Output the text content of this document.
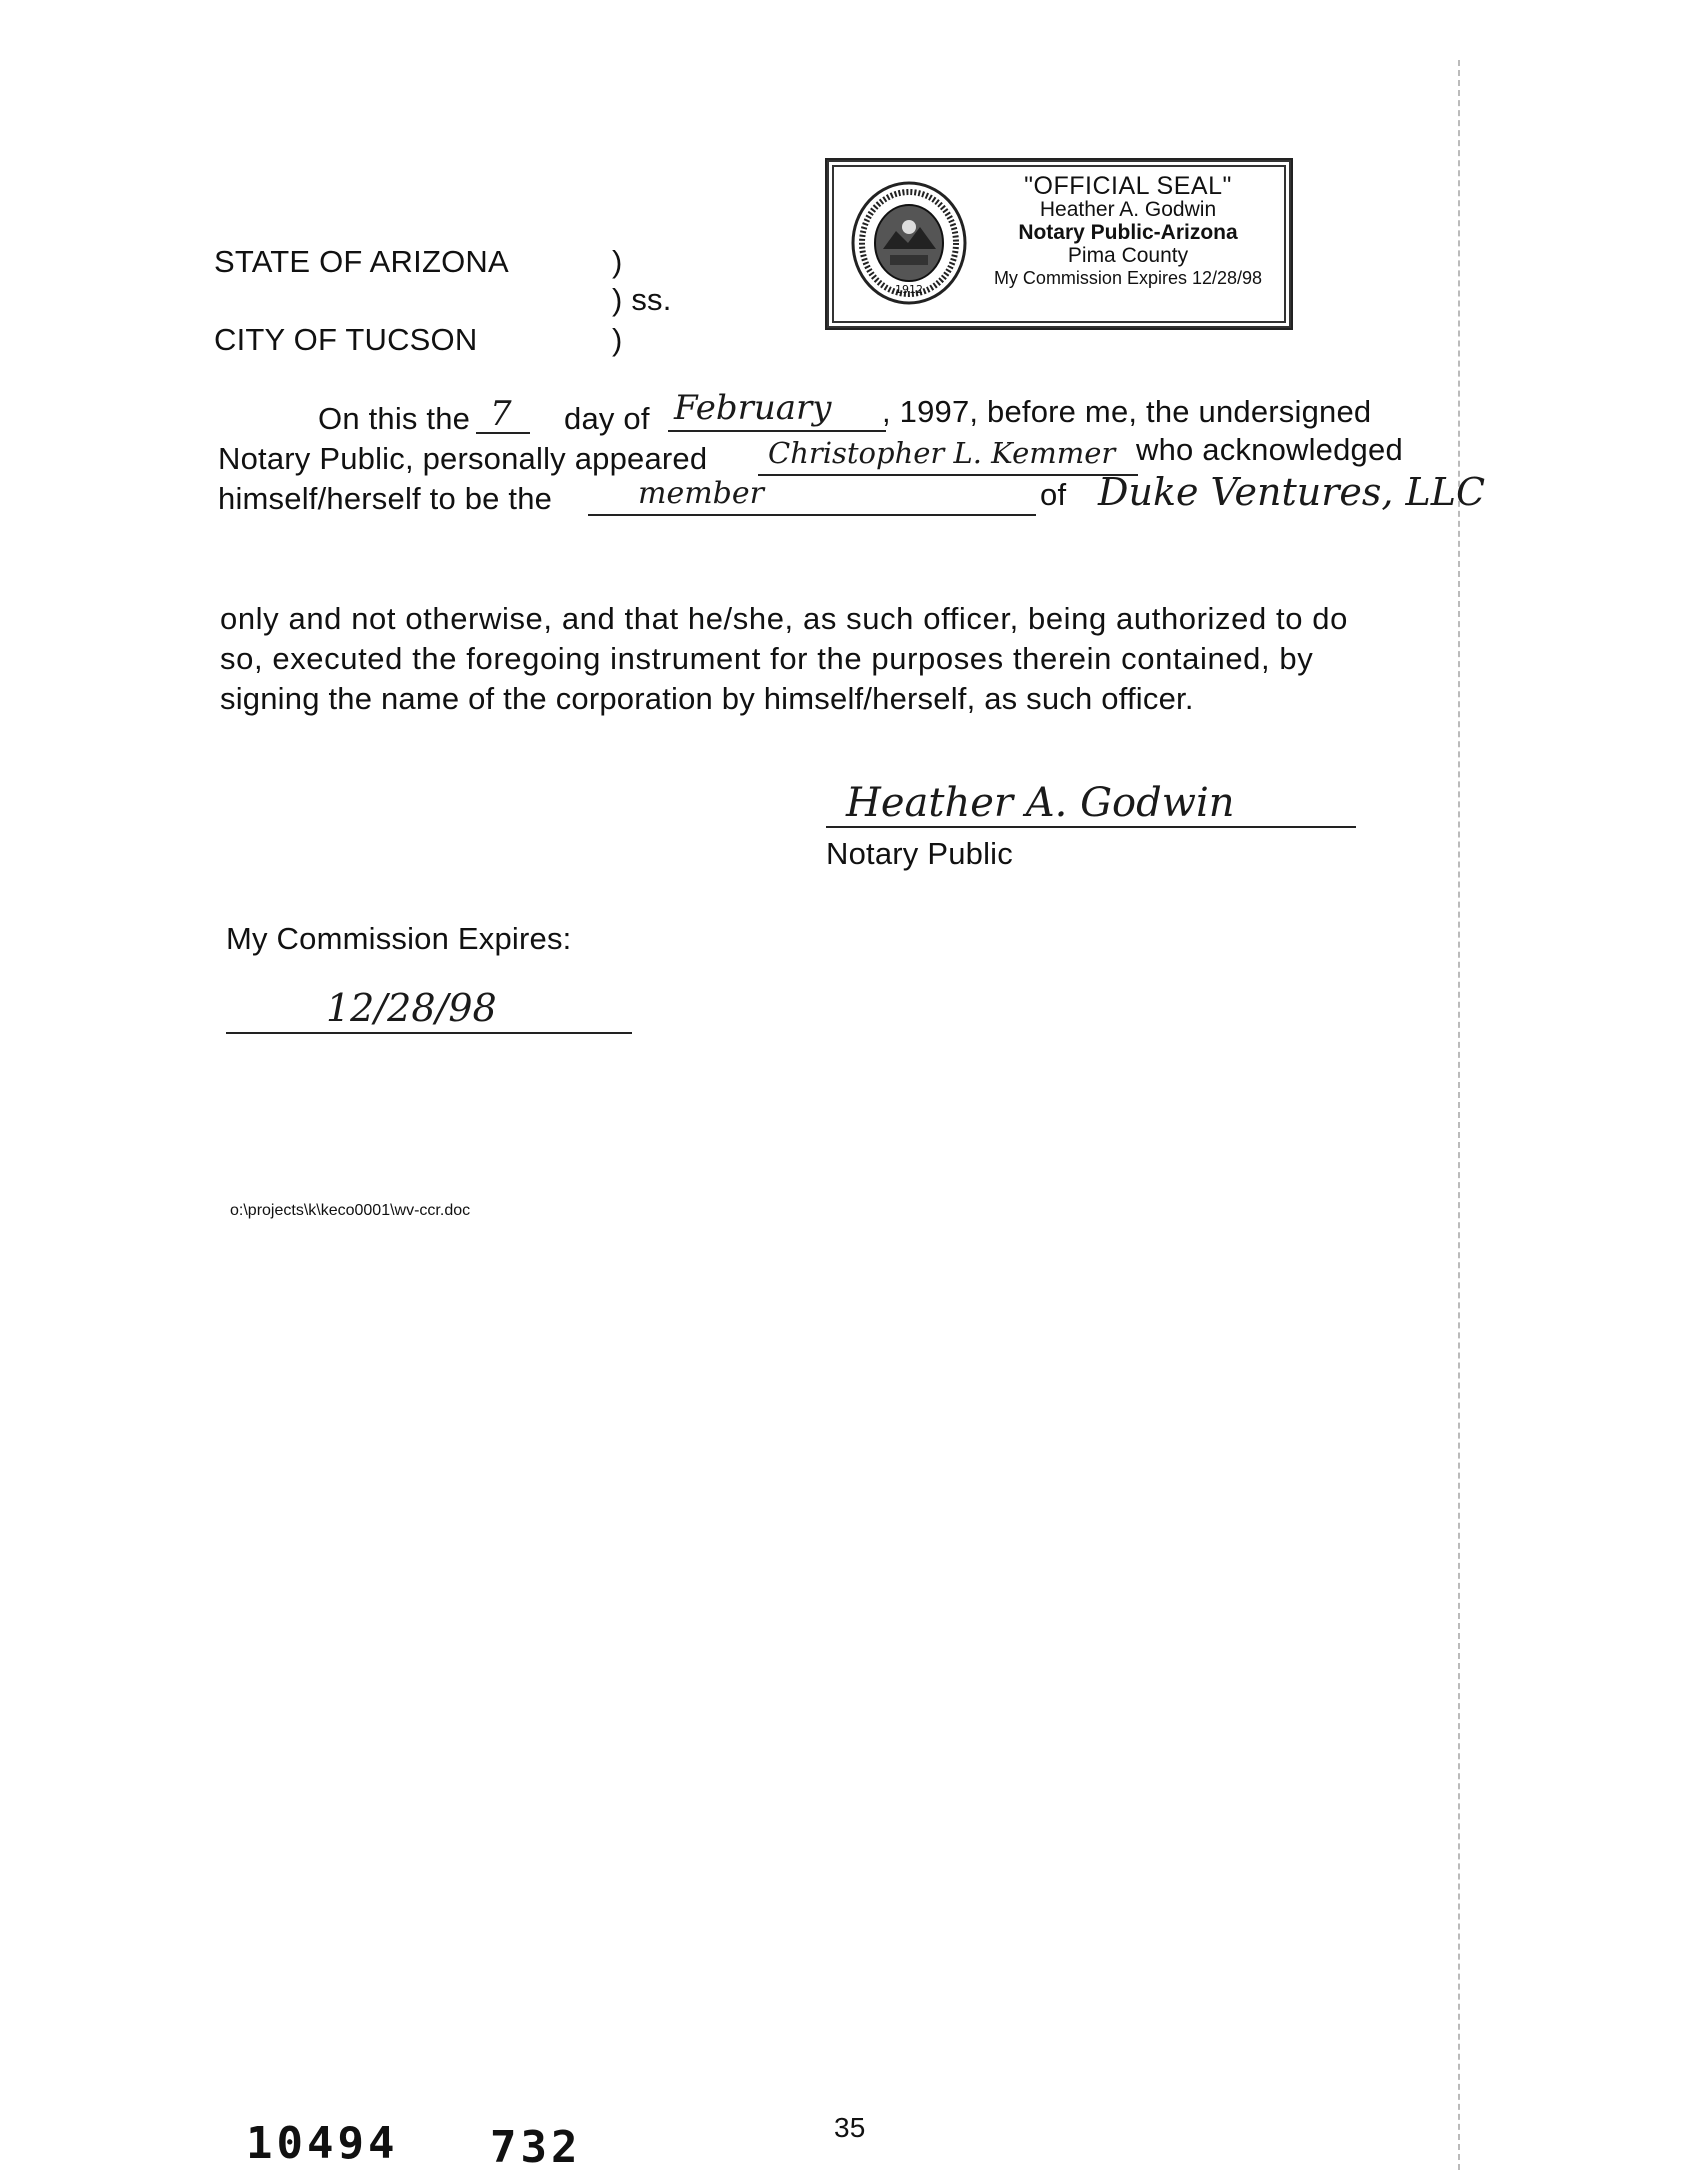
STATE OF ARIZONA	)
) ss.
CITY OF TUCSON	)
1912
"OFFICIAL SEAL"
Heather A. Godwin
Notary Public-Arizona
Pima County
My Commission Expires 12/28/98
On this the 7 day of February , 1997, before me, the undersigned
Notary Public, personally appeared Christopher L. Kemmer who acknowledged
himself/herself to be the	member	of Duke Ventures, LLC
only and not otherwise, and that he/she, as such officer, being authorized to do
so, executed the foregoing instrument for the purposes therein contained, by
signing the name of the corporation by himself/herself, as such officer.
Heather A. Godwin
Notary Public
My Commission Expires:
12/28/98
o:\projects\k\keco0001\wv-ccr.doc
35
10494 732
